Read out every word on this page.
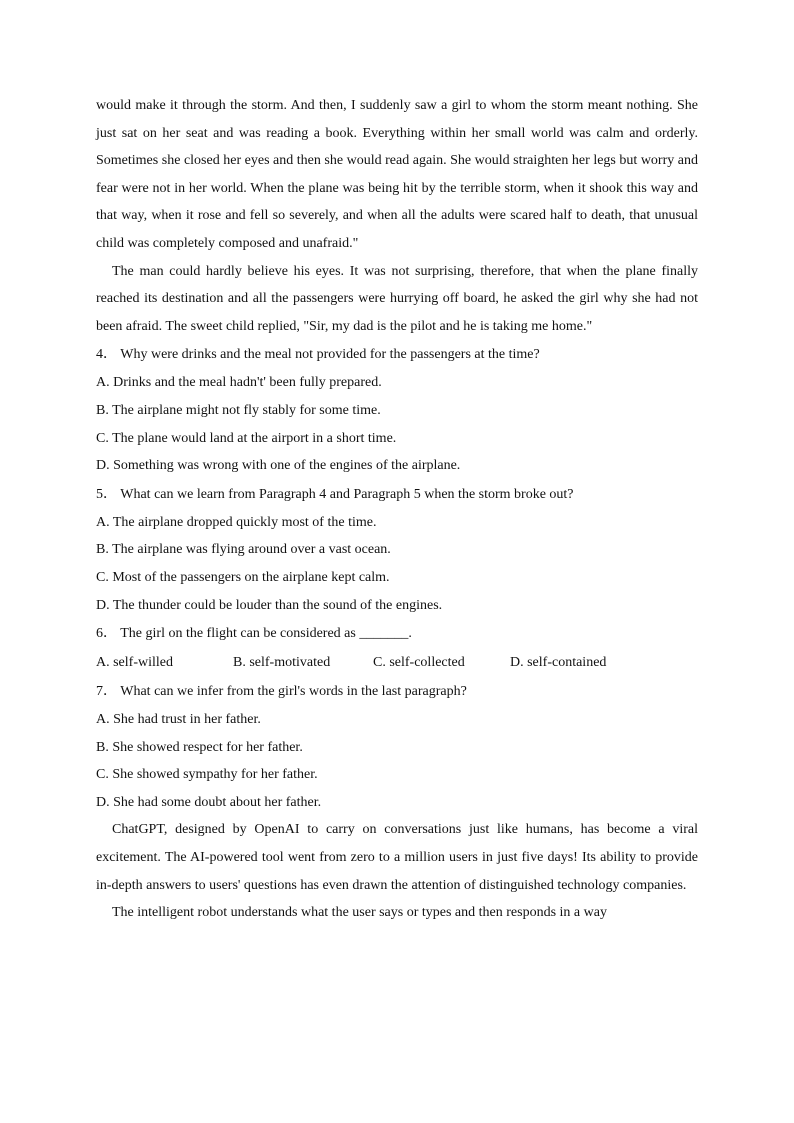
would make it through the storm. And then, I suddenly saw a girl to whom the storm meant nothing. She just sat on her seat and was reading a book. Everything within her small world was calm and orderly. Sometimes she closed her eyes and then she would read again. She would straighten her legs but worry and fear were not in her world. When the plane was being hit by the terrible storm, when it shook this way and that way, when it rose and fell so severely, and when all the adults were scared half to death, that unusual child was completely composed and unafraid."

The man could hardly believe his eyes. It was not surprising, therefore, that when the plane finally reached its destination and all the passengers were hurrying off board, he asked the girl why she had not been afraid. The sweet child replied, "Sir, my dad is the pilot and he is taking me home."

4． Why were drinks and the meal not provided for the passengers at the time?

A. Drinks and the meal hadn't' been fully prepared.

B. The airplane might not fly stably for some time.

C. The plane would land at the airport in a short time.

D. Something was wrong with one of the engines of the airplane.

5． What can we learn from Paragraph 4 and Paragraph 5 when the storm broke out?

A. The airplane dropped quickly most of the time.

B. The airplane was flying around over a vast ocean.

C. Most of the passengers on the airplane kept calm.

D. The thunder could be louder than the sound of the engines.

6． The girl on the flight can be considered as _______.

A. self-willed	B. self-motivated	C. self-collected	D. self-contained

7． What can we infer from the girl's words in the last paragraph?

A. She had trust in her father.

B. She showed respect for her father.

C. She showed sympathy for her father.

D. She had some doubt about her father.

ChatGPT, designed by OpenAI to carry on conversations just like humans, has become a viral excitement. The AI-powered tool went from zero to a million users in just five days! Its ability to provide in-depth answers to users' questions has even drawn the attention of distinguished technology companies.

The intelligent robot understands what the user says or types and then responds in a way
